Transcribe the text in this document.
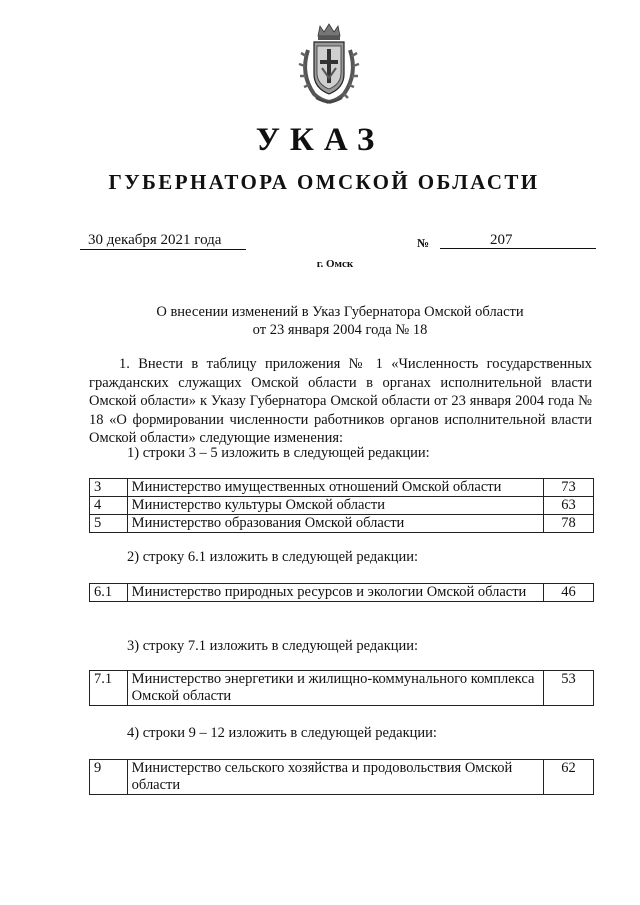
УКАЗ
ГУБЕРНАТОРА ОМСКОЙ ОБЛАСТИ
30 декабря 2021 года	№	207
г. Омск
О внесении изменений в Указ Губернатора Омской области
от 23 января 2004 года № 18
1. Внести в таблицу приложения № 1 «Численность государственных гражданских служащих Омской области в органах исполнительной власти Омской области» к Указу Губернатора Омской области от 23 января 2004 года № 18 «О формировании численности работников органов исполнительной власти Омской области» следующие изменения:
1) строки 3 – 5 изложить в следующей редакции:
3	Министерство имущественных отношений Омской области	73
4	Министерство культуры Омской области	63
5	Министерство образования Омской области	78
2) строку 6.1 изложить в следующей редакции:
6.1	Министерство природных ресурсов и экологии Омской области	46
3) строку 7.1 изложить в следующей редакции:
7.1	Министерство энергетики и жилищно-коммунального комплекса Омской области	53
4) строки 9 – 12 изложить в следующей редакции:
9	Министерство сельского хозяйства и продовольствия Омской области	62
